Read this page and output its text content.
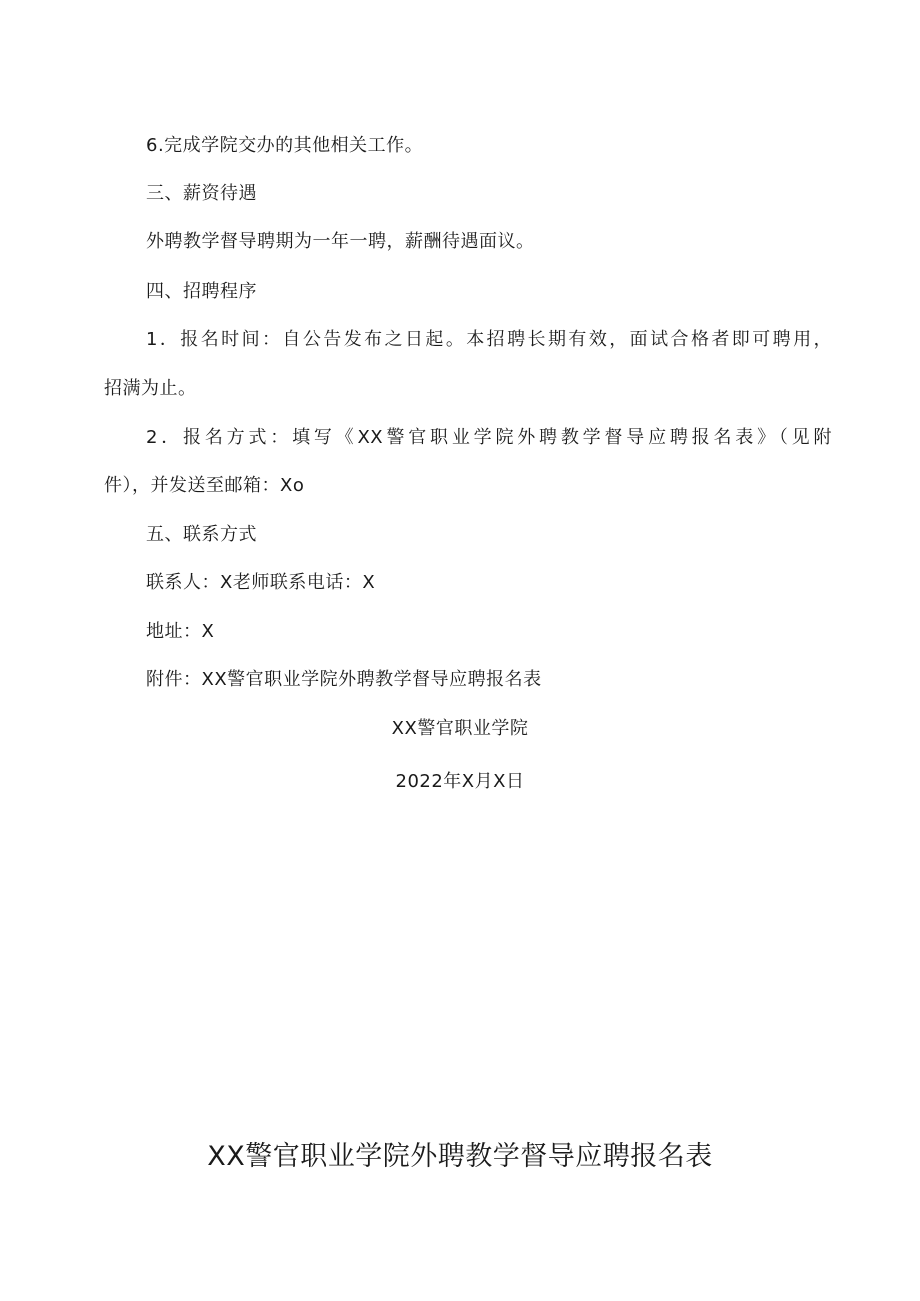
6.完成学院交办的其他相关工作。
三、薪资待遇
外聘教学督导聘期为一年一聘，薪酬待遇面议。
四、招聘程序
1．报名时间：自公告发布之日起。本招聘长期有效，面试合格者即可聘用，
招满为止。
2．报名方式：填写《XX警官职业学院外聘教学督导应聘报名表》（见附
件），并发送至邮箱：Xo
五、联系方式
联系人：X老师联系电话：X
地址：X
附件：XX警官职业学院外聘教学督导应聘报名表
XX警官职业学院
2022年X月X日
XX警官职业学院外聘教学督导应聘报名表
